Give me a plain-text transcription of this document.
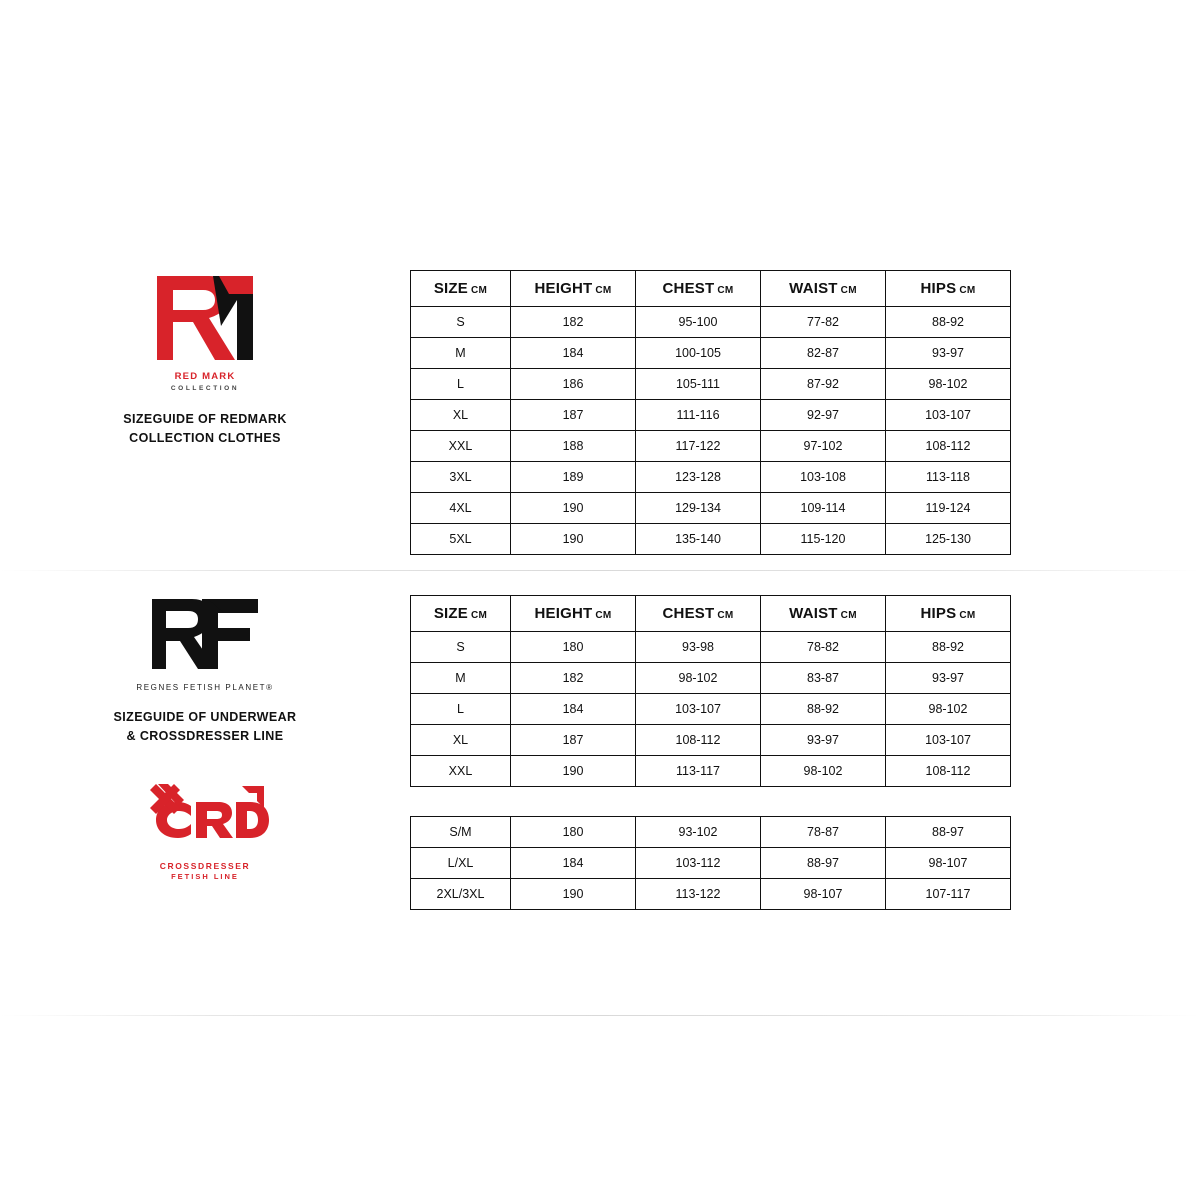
RED MARK
COLLECTION
SIZEGUIDE OF REDMARK
COLLECTION CLOTHES
SIZE CM	HEIGHT CM	CHEST CM	WAIST CM	HIPS CM
S	182	95-100	77-82	88-92
M	184	100-105	82-87	93-97
L	186	105-111	87-92	98-102
XL	187	111-116	92-97	103-107
XXL	188	117-122	97-102	108-112
3XL	189	123-128	103-108	113-118
4XL	190	129-134	109-114	119-124
5XL	190	135-140	115-120	125-130
REGNES FETISH PLANET®
SIZEGUIDE OF UNDERWEAR
& CROSSDRESSER LINE
CROSSDRESSER
FETISH LINE
SIZE CM	HEIGHT CM	CHEST CM	WAIST CM	HIPS CM
S	180	93-98	78-82	88-92
M	182	98-102	83-87	93-97
L	184	103-107	88-92	98-102
XL	187	108-112	93-97	103-107
XXL	190	113-117	98-102	108-112
S/M	180	93-102	78-87	88-97
L/XL	184	103-112	88-97	98-107
2XL/3XL	190	113-122	98-107	107-117
